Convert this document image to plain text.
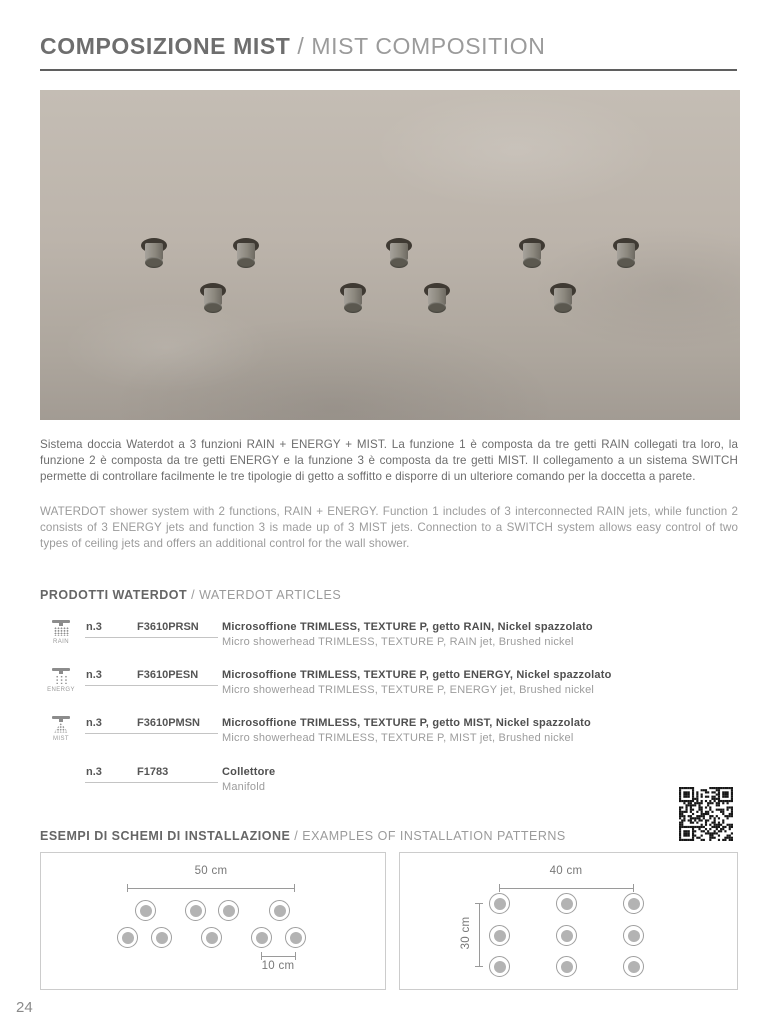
COMPOSIZIONE MIST / MIST COMPOSITION
Sistema doccia Waterdot a 3 funzioni RAIN + ENERGY + MIST. La funzione 1 è composta da tre getti RAIN collegati tra loro, la funzione 2 è composta da tre getti ENERGY e la funzione 3 è composta da tre getti MIST. Il collegamento a un sistema SWITCH permette di controllare facilmente le tre tipologie di getto a soffitto e disporre di un ulteriore comando per la doccetta a parete.
WATERDOT shower system with 2 functions, RAIN + ENERGY. Function 1 includes of 3 interconnected RAIN jets, while function 2 consists of 3 ENERGY jets and function 3 is made up of 3 MIST jets. Connection to a SWITCH system allows easy control of two types of ceiling jets and offers an additional control for the wall shower.
PRODOTTI WATERDOT / WATERDOT ARTICLES
RAIN
n.3	F3610PRSN Microsoffione TRIMLESS, TEXTURE P, getto RAIN, Nickel spazzolato
Micro showerhead TRIMLESS, TEXTURE P, RAIN jet, Brushed nickel
ENERGY
n.3	F3610PESN Microsoffione TRIMLESS, TEXTURE P, getto ENERGY, Nickel spazzolato
Micro showerhead TRIMLESS, TEXTURE P, ENERGY jet, Brushed nickel
MIST
n.3	F3610PMSN Microsoffione TRIMLESS, TEXTURE P, getto MIST, Nickel spazzolato
Micro showerhead TRIMLESS, TEXTURE P, MIST jet, Brushed nickel
n.3	F1783	Collettore
Manifold
ESEMPI DI SCHEMI DI INSTALLAZIONE / EXAMPLES OF INSTALLATION PATTERNS
50 cm
10 cm
40 cm
30 cm
24
